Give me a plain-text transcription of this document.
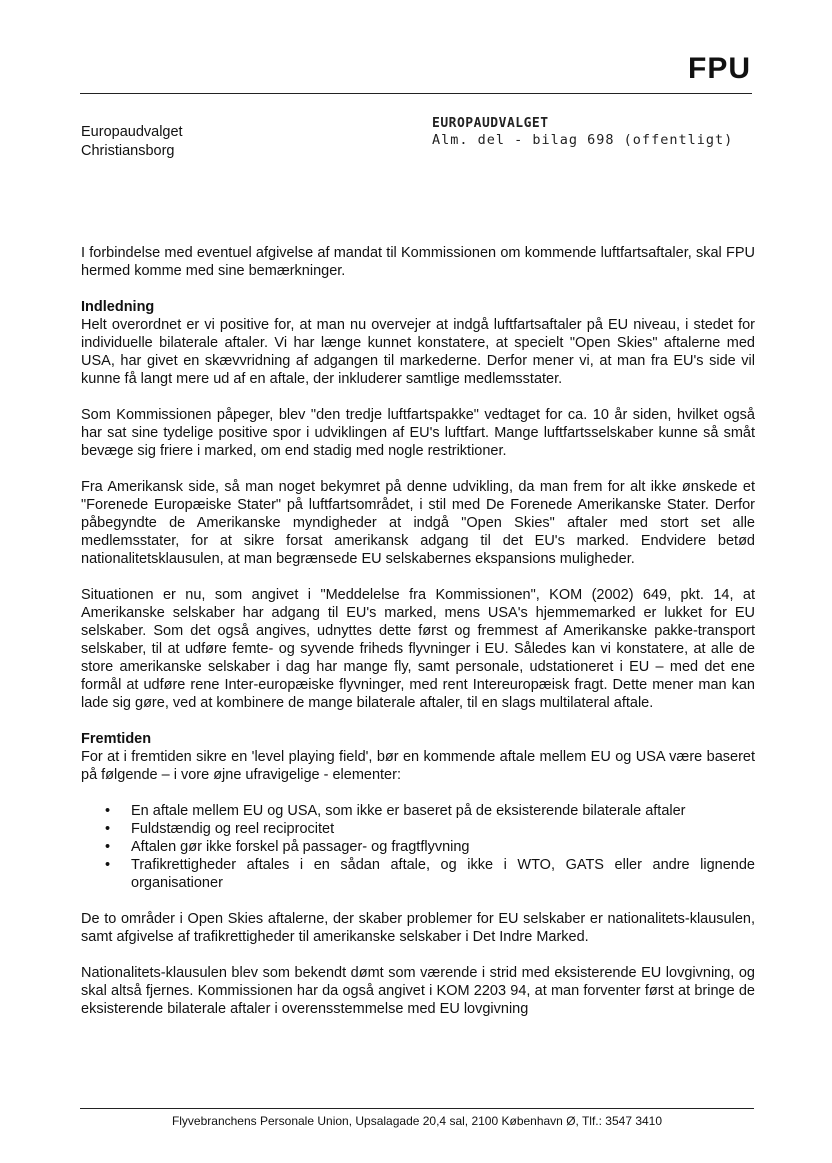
FPU
EUROPAUDVALGET
Alm. del - bilag 698 (offentligt)
Europaudvalget
Christiansborg

I forbindelse med eventuel afgivelse af mandat til Kommissionen om kommende luftfartsaftaler, skal FPU hermed komme med sine bemærkninger.

Indledning

Helt overordnet er vi positive for, at man nu overvejer at indgå luftfartsaftaler på EU niveau, i stedet for individuelle bilaterale aftaler. Vi har længe kunnet konstatere, at specielt "Open Skies" aftalerne med USA, har givet en skævvridning af adgangen til markederne. Derfor mener vi, at man fra EU's side vil kunne få langt mere ud af en aftale, der inkluderer samtlige medlemsstater.

Som Kommissionen påpeger, blev "den tredje luftfartspakke" vedtaget for ca. 10 år siden, hvilket også har sat sine tydelige positive spor i udviklingen af EU's luftfart. Mange luftfartsselskaber kunne så småt bevæge sig friere i marked, om end stadig med nogle restriktioner.

Fra Amerikansk side, så man noget bekymret på denne udvikling, da man frem for alt ikke ønskede et "Forenede Europæiske Stater" på luftfartsområdet, i stil med De Forenede Amerikanske Stater. Derfor påbegyndte de Amerikanske myndigheder at indgå "Open Skies" aftaler med stort set alle medlemsstater, for at sikre forsat amerikansk adgang til det EU's marked. Endvidere betød nationalitetsklausulen, at man begrænsede EU selskabernes ekspansions muligheder.

Situationen er nu, som angivet i "Meddelelse fra Kommissionen", KOM (2002) 649, pkt. 14, at Amerikanske selskaber har adgang til EU's marked, mens USA's hjemmemarked er lukket for EU selskaber. Som det også angives, udnyttes dette først og fremmest af Amerikanske pakke-transport selskaber, til at udføre femte- og syvende friheds flyvninger i EU. Således kan vi konstatere, at alle de store amerikanske selskaber i dag har mange fly, samt personale, udstationeret i EU – med det ene formål at udføre rene Inter-europæiske flyvninger, med rent Intereuropæisk fragt. Dette mener man kan lade sig gøre, ved at kombinere de mange bilaterale aftaler, til en slags multilateral aftale.

Fremtiden

For at i fremtiden sikre en 'level playing field', bør en kommende aftale mellem EU og USA være baseret på følgende – i vore øjne ufravigelige - elementer:

• En aftale mellem EU og USA, som ikke er baseret på de eksisterende bilaterale aftaler
• Fuldstændig og reel reciprocitet
• Aftalen gør ikke forskel på passager- og fragtflyvning
• Trafikrettigheder aftales i en sådan aftale, og ikke i WTO, GATS eller andre lignende organisationer

De to områder i Open Skies aftalerne, der skaber problemer for EU selskaber er nationalitets-klausulen, samt afgivelse af trafikrettigheder til amerikanske selskaber i Det Indre Marked.

Nationalitets-klausulen blev som bekendt dømt som værende i strid med eksisterende EU lovgivning, og skal altså fjernes. Kommissionen har da også angivet i KOM 2203 94, at man forventer først at bringe de eksisterende bilaterale aftaler i overensstemmelse med EU lovgivning

Flyvebranchens Personale Union, Upsalagade 20,4 sal, 2100 København Ø, Tlf.: 3547 3410
